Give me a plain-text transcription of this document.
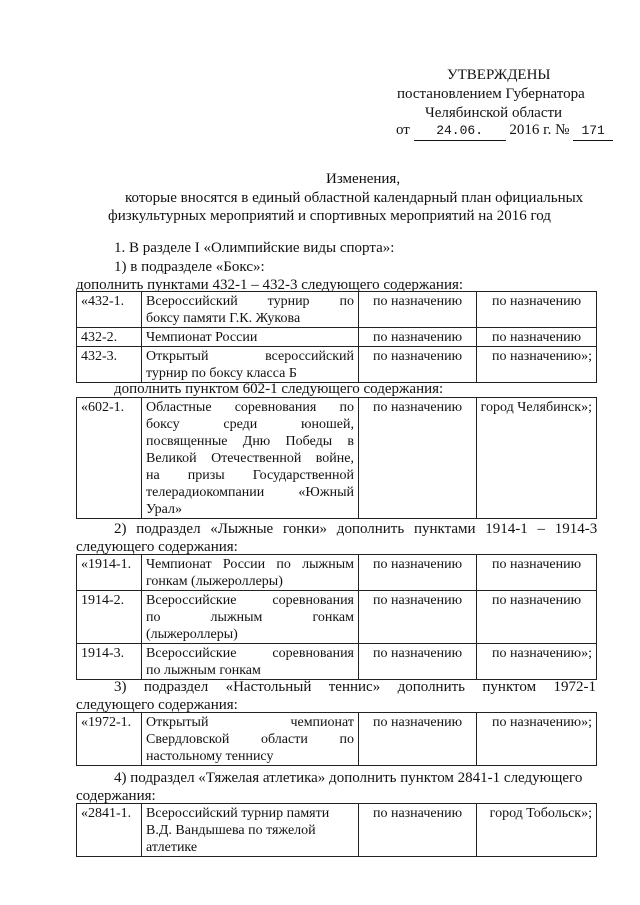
УТВЕРЖДЕНЫ
постановлением Губернатора
Челябинской области
от 24.06. 2016 г. № 171
Изменения,
которые вносятся в единый областной календарный план официальных
физкультурных мероприятий и спортивных мероприятий на 2016 год
1. В разделе I «Олимпийские виды спорта»:
1) в подразделе «Бокс»:
дополнить пунктами 432-1 – 432-3 следующего содержания:
«432-1.	Всероссийский турнир по
боксу памяти Г.К. Жукова	по назначению	по назначению
432-2.	Чемпионат России	по назначению	по назначению
432-3.	Открытый всероссийский
турнир по боксу класса Б	по назначению	по назначению»;
дополнить пунктом 602-1 следующего содержания:
«602-1.	Областные соревнования по
боксу среди юношей,
посвященные Дню Победы в
Великой Отечественной войне,
на призы Государственной
телерадиокомпании «Южный
Урал»	по назначению	город Челябинск»;
2) подраздел «Лыжные гонки» дополнить пунктами 1914-1 – 1914-3
следующего содержания:
«1914-1.	Чемпионат России по лыжным
гонкам (лыжероллеры)	по назначению	по назначению
1914-2.	Всероссийские соревнования
по лыжным гонкам
(лыжероллеры)	по назначению	по назначению
1914-3.	Всероссийские соревнования
по лыжным гонкам	по назначению	по назначению»;
3)  подраздел  «Настольный  теннис»  дополнить  пунктом  1972-1
следующего содержания:
«1972-1.	Открытый чемпионат
Свердловской области по
настольному теннису	по назначению	по назначению»;
4) подраздел «Тяжелая атлетика» дополнить пунктом 2841-1 следующего
содержания:
«2841-1.	Всероссийский турнир памяти
В.Д. Вандышева по тяжелой
атлетике
	по назначению	город Тобольск»;
